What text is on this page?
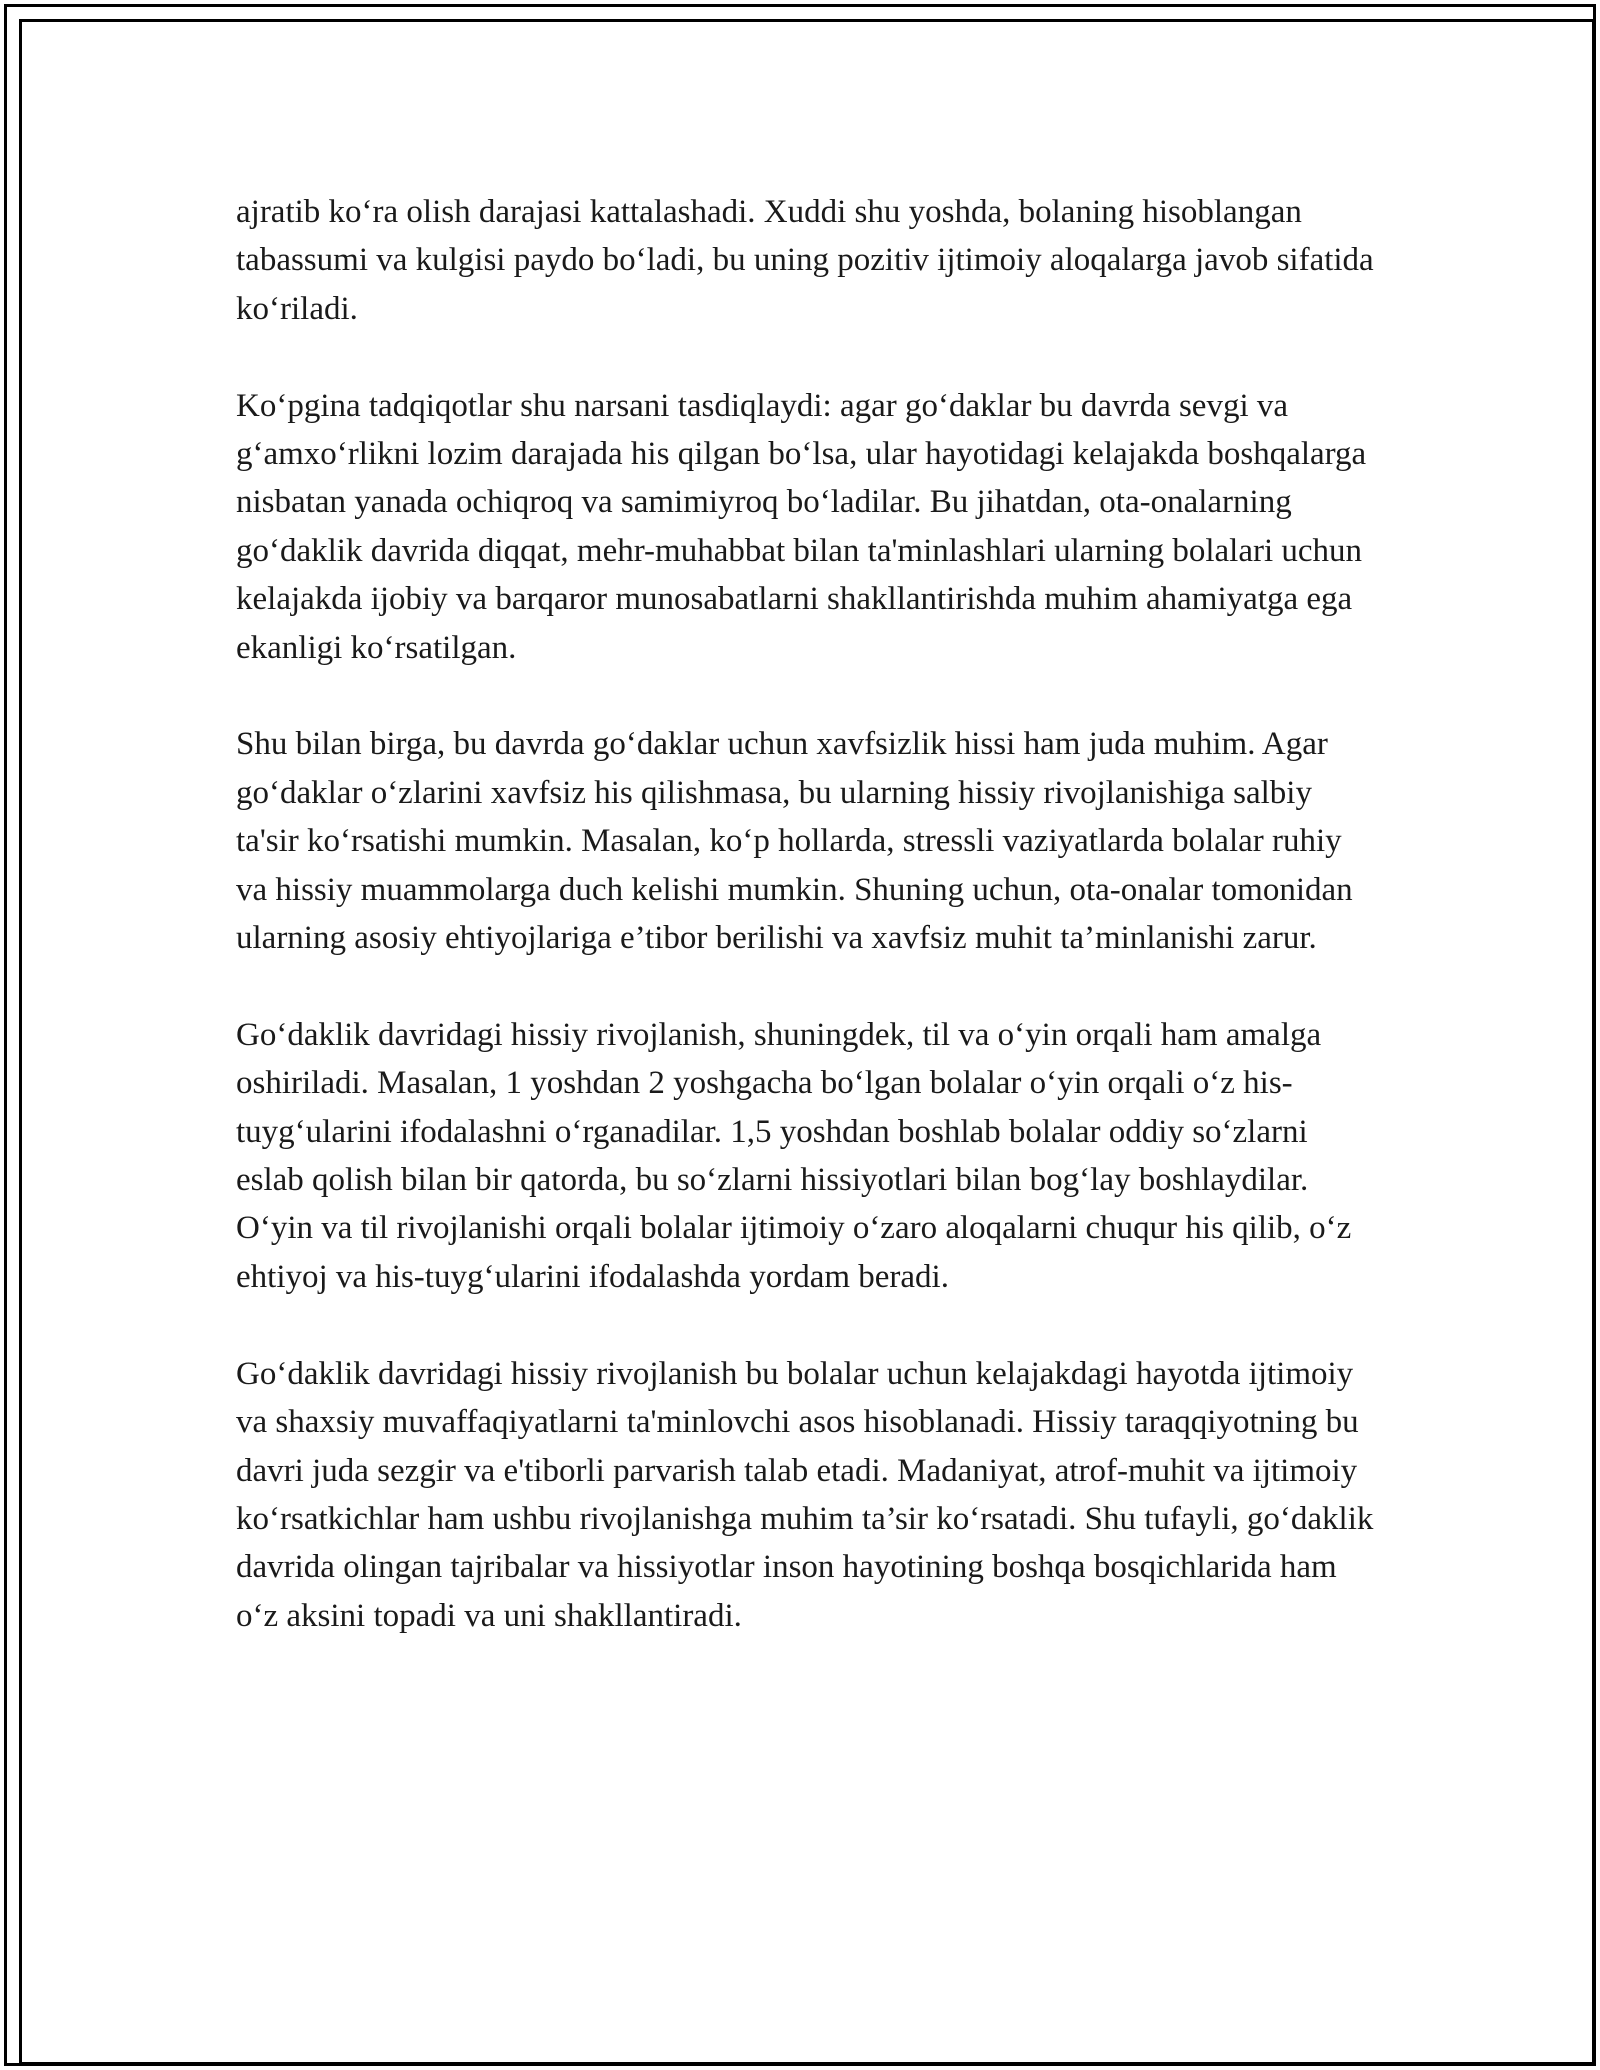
ajratib ko‘ra olish darajasi kattalashadi. Xuddi shu yoshda, bolaning hisoblangan tabassumi va kulgisi paydo bo‘ladi, bu uning pozitiv ijtimoiy aloqalarga javob sifatida ko‘riladi.

Ko‘pgina tadqiqotlar shu narsani tasdiqlaydi: agar go‘daklar bu davrda sevgi va g‘amxo‘rlikni lozim darajada his qilgan bo‘lsa, ular hayotidagi kelajakda boshqalarga nisbatan yanada ochiqroq va samimiyroq bo‘ladilar. Bu jihatdan, ota-onalarning go‘daklik davrida diqqat, mehr-muhabbat bilan ta'minlashlari ularning bolalari uchun kelajakda ijobiy va barqaror munosabatlarni shakllantirishda muhim ahamiyatga ega ekanligi ko‘rsatilgan.

Shu bilan birga, bu davrda go‘daklar uchun xavfsizlik hissi ham juda muhim. Agar go‘daklar o‘zlarini xavfsiz his qilishmasa, bu ularning hissiy rivojlanishiga salbiy ta'sir ko‘rsatishi mumkin. Masalan, ko‘p hollarda, stressli vaziyatlarda bolalar ruhiy va hissiy muammolarga duch kelishi mumkin. Shuning uchun, ota-onalar tomonidan ularning asosiy ehtiyojlariga e’tibor berilishi va xavfsiz muhit ta’minlanishi zarur.

Go‘daklik davridagi hissiy rivojlanish, shuningdek, til va o‘yin orqali ham amalga oshiriladi. Masalan, 1 yoshdan 2 yoshgacha bo‘lgan bolalar o‘yin orqali o‘z his-tuyg‘ularini ifodalashni o‘rganadilar. 1,5 yoshdan boshlab bolalar oddiy so‘zlarni eslab qolish bilan bir qatorda, bu so‘zlarni hissiyotlari bilan bog‘lay boshlaydilar. O‘yin va til rivojlanishi orqali bolalar ijtimoiy o‘zaro aloqalarni chuqur his qilib, o‘z ehtiyoj va his-tuyg‘ularini ifodalashda yordam beradi.

Go‘daklik davridagi hissiy rivojlanish bu bolalar uchun kelajakdagi hayotda ijtimoiy va shaxsiy muvaffaqiyatlarni ta'minlovchi asos hisoblanadi. Hissiy taraqqiyotning bu davri juda sezgir va e'tiborli parvarish talab etadi. Madaniyat, atrof-muhit va ijtimoiy ko‘rsatkichlar ham ushbu rivojlanishga muhim ta’sir ko‘rsatadi. Shu tufayli, go‘daklik davrida olingan tajribalar va hissiyotlar inson hayotining boshqa bosqichlarida ham o‘z aksini topadi va uni shakllantiradi.
